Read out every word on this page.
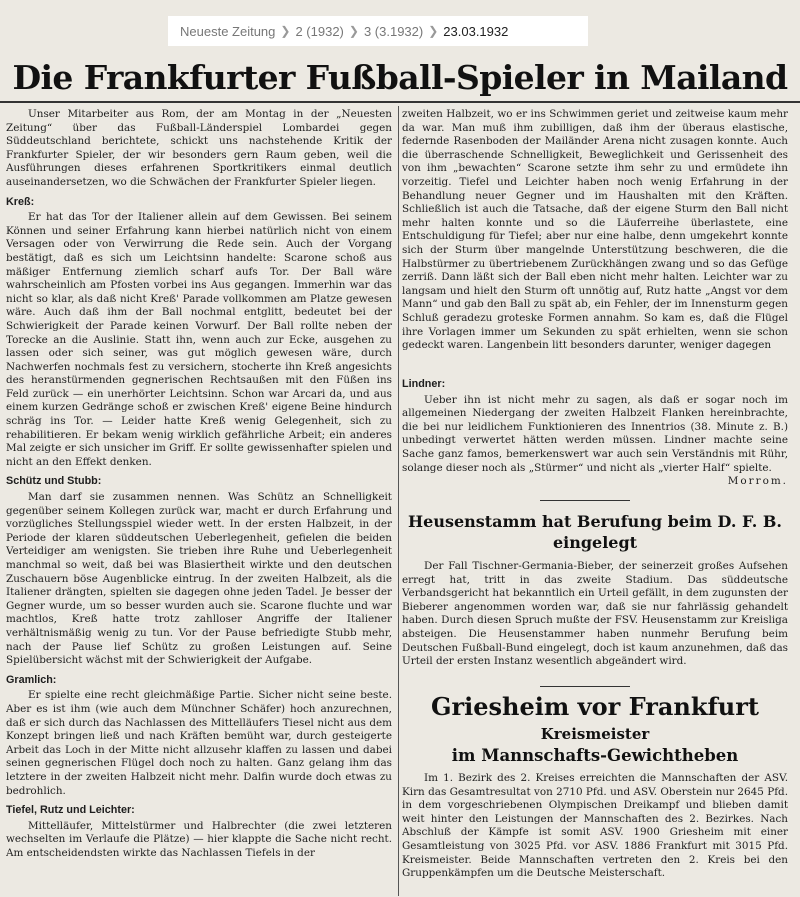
Neueste Zeitung ❯ 2 (1932) ❯ 3 (3.1932) ❯ 23.03.1932
Die Frankfurter Fußball-Spieler in Mailand

Unser Mitarbeiter aus Rom, der am Montag in der „Neuesten Zeitung“ über das Fußball-Länderspiel Lombardei gegen Süddeutschland berichtete, schickt uns nachstehende Kritik der Frankfurter Spieler, der wir besonders gern Raum geben, weil die Ausführungen dieses erfahrenen Sportkritikers einmal deutlich auseinandersetzen, wo die Schwächen der Frankfurter Spieler liegen.

Kreß:

Er hat das Tor der Italiener allein auf dem Gewissen. Bei seinem Können und seiner Erfahrung kann hierbei natürlich nicht von einem Versagen oder von Verwirrung die Rede sein. Auch der Vorgang bestätigt, daß es sich um Leichtsinn handelte: Scarone schoß aus mäßiger Entfernung ziemlich scharf aufs Tor. Der Ball wäre wahrscheinlich am Pfosten vorbei ins Aus gegangen. Immerhin war das nicht so klar, als daß nicht Kreß' Parade vollkommen am Platze gewesen wäre. Auch daß ihm der Ball nochmal entglitt, bedeutet bei der Schwierigkeit der Parade keinen Vorwurf. Der Ball rollte neben der Torecke an die Auslinie. Statt ihn, wenn auch zur Ecke, ausgehen zu lassen oder sich seiner, was gut möglich gewesen wäre, durch Nachwerfen nochmals fest zu versichern, stocherte ihn Kreß angesichts des heranstürmenden gegnerischen Rechtsaußen mit den Füßen ins Feld zurück — ein unerhörter Leichtsinn. Schon war Arcari da, und aus einem kurzen Gedränge schoß er zwischen Kreß' eigene Beine hindurch schräg ins Tor. — Leider hatte Kreß wenig Gelegenheit, sich zu rehabilitieren. Er bekam wenig wirklich gefährliche Arbeit; ein anderes Mal zeigte er sich unsicher im Griff. Er sollte gewissenhafter spielen und nicht an den Effekt denken.

Schütz und Stubb:

Man darf sie zusammen nennen. Was Schütz an Schnelligkeit gegenüber seinem Kollegen zurück war, macht er durch Erfahrung und vorzügliches Stellungsspiel wieder wett. In der ersten Halbzeit, in der Periode der klaren süddeutschen Ueberlegenheit, gefielen die beiden Verteidiger am wenigsten. Sie trieben ihre Ruhe und Ueberlegenheit manchmal so weit, daß bei was Blasiertheit wirkte und den deutschen Zuschauern böse Augenblicke eintrug. In der zweiten Halbzeit, als die Italiener drängten, spielten sie dagegen ohne jeden Tadel. Je besser der Gegner wurde, um so besser wurden auch sie. Scarone fluchte und war machtlos, Kreß hatte trotz zahlloser Angriffe der Italiener verhältnismäßig wenig zu tun. Vor der Pause befriedigte Stubb mehr, nach der Pause lief Schütz zu großen Leistungen auf. Seine Spielübersicht wächst mit der Schwierigkeit der Aufgabe.

Gramlich:

Er spielte eine recht gleichmäßige Partie. Sicher nicht seine beste. Aber es ist ihm (wie auch dem Münchner Schäfer) hoch anzurechnen, daß er sich durch das Nachlassen des Mittelläufers Tiesel nicht aus dem Konzept bringen ließ und nach Kräften bemüht war, durch gesteigerte Arbeit das Loch in der Mitte nicht allzusehr klaffen zu lassen und dabei seinen gegnerischen Flügel doch noch zu halten. Ganz gelang ihm das letztere in der zweiten Halbzeit nicht mehr. Dalfin wurde doch etwas zu bedrohlich.

Tiefel, Rutz und Leichter:

Mittelläufer, Mittelstürmer und Halbrechter (die zwei letzteren wechselten im Verlaufe die Plätze) — hier klappte die Sache nicht recht. Am entscheidendsten wirkte das Nachlassen Tiefels in der

zweiten Halbzeit, wo er ins Schwimmen geriet und zeitweise kaum mehr da war. Man muß ihm zubilligen, daß ihm der überaus elastische, federnde Rasenboden der Mailänder Arena nicht zusagen konnte. Auch die überraschende Schnelligkeit, Beweglichkeit und Gerissenheit des von ihm „bewachten“ Scarone setzte ihm sehr zu und ermüdete ihn vorzeitig. Tiefel und Leichter haben noch wenig Erfahrung in der Behandlung neuer Gegner und im Haushalten mit den Kräften. Schließlich ist auch die Tatsache, daß der eigene Sturm den Ball nicht mehr halten konnte und so die Läuferreihe überlastete, eine Entschuldigung für Tiefel; aber nur eine halbe, denn umgekehrt konnte sich der Sturm über mangelnde Unterstützung beschweren, die die Halbstürmer zu übertriebenem Zurückhängen zwang und so das Gefüge zerriß. Dann läßt sich der Ball eben nicht mehr halten. Leichter war zu langsam und hielt den Sturm oft unnötig auf, Rutz hatte „Angst vor dem Mann“ und gab den Ball zu spät ab, ein Fehler, der im Innensturm gegen Schluß geradezu groteske Formen annahm. So kam es, daß die Flügel ihre Vorlagen immer um Sekunden zu spät erhielten, wenn sie schon gedeckt waren. Langenbein litt besonders darunter, weniger dagegen

Lindner:

Ueber ihn ist nicht mehr zu sagen, als daß er sogar noch im allgemeinen Niedergang der zweiten Halbzeit Flanken hereinbrachte, die bei nur leidlichem Funktionieren des Innentrios (38. Minute z. B.) unbedingt verwertet hätten werden müssen. Lindner machte seine Sache ganz famos, bemerkenswert war auch sein Verständnis mit Rühr, solange dieser noch als „Stürmer“ und nicht als „vierter Half“ spielte.
Morrom.

Heusenstamm hat Berufung beim D. F. B.
eingelegt

Der Fall Tischner-Germania-Bieber, der seinerzeit großes Aufsehen erregt hat, tritt in das zweite Stadium. Das süddeutsche Verbandsgericht hat bekanntlich ein Urteil gefällt, in dem zugunsten der Bieberer angenommen worden war, daß sie nur fahrlässig gehandelt haben. Durch diesen Spruch mußte der FSV. Heusenstamm zur Kreisliga absteigen. Die Heusenstammer haben nunmehr Berufung beim Deutschen Fußball-Bund eingelegt, doch ist kaum anzunehmen, daß das Urteil der ersten Instanz wesentlich abgeändert wird.

Griesheim vor Frankfurt
Kreismeister
im Mannschafts-Gewichtheben

Im 1. Bezirk des 2. Kreises erreichten die Mannschaften der ASV. Kirn das Gesamtresultat von 2710 Pfd. und ASV. Oberstein nur 2645 Pfd. in dem vorgeschriebenen Olympischen Dreikampf und blieben damit weit hinter den Leistungen der Mannschaften des 2. Bezirkes. Nach Abschluß der Kämpfe ist somit ASV. 1900 Griesheim mit einer Gesamtleistung von 3025 Pfd. vor ASV. 1886 Frankfurt mit 3015 Pfd. Kreismeister. Beide Mannschaften vertreten den 2. Kreis bei den Gruppenkämpfen um die Deutsche Meisterschaft.
